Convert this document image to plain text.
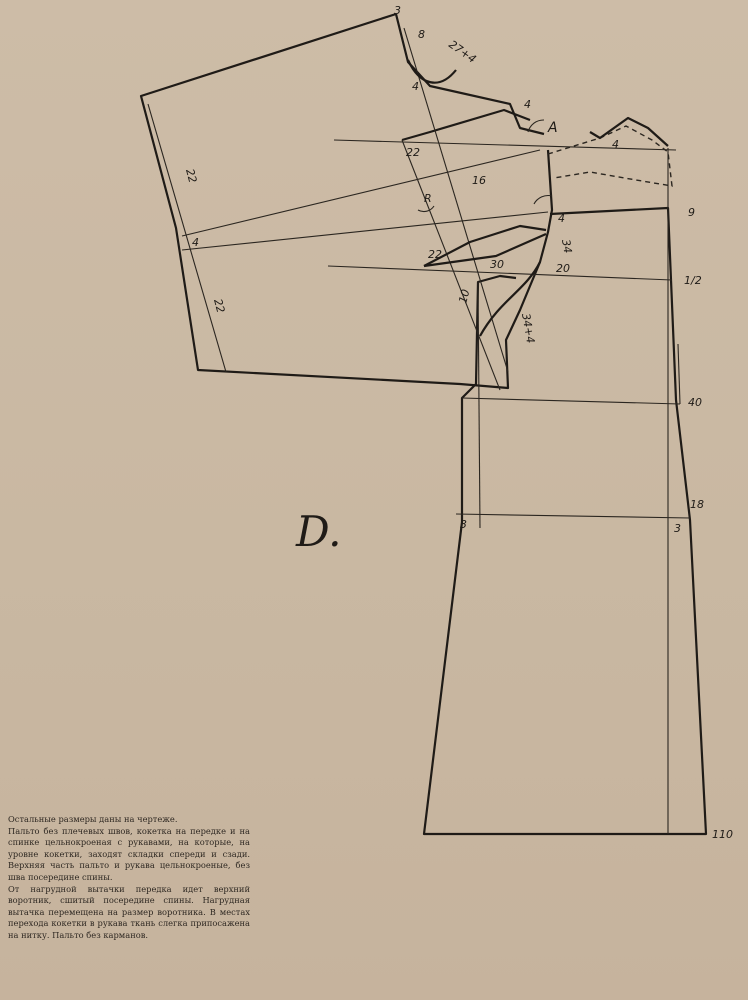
3
8
27+4
4
4
22
16
4
22
4
22
30	20
4
34
10
34+4
22
9
1/2
40
18
3	3
110
A
R
D.

Остальные размеры даны на чертеже.

Пальто без плечевых швов, кокетка на передке и на спинке цельнокроеная с рукавами, на которые, на уровне кокетки, заходят складки спереди и сзади. Верхняя часть пальто и рукава цельнокроеные, без шва посередине спины.

От нагрудной вытачки передка идет верхний воротник, сшитый посередине спины. Нагрудная вытачка перемещена на размер воротника. В местах перехода кокетки в рукава ткань слегка припосажена на нитку. Пальто без карманов.
